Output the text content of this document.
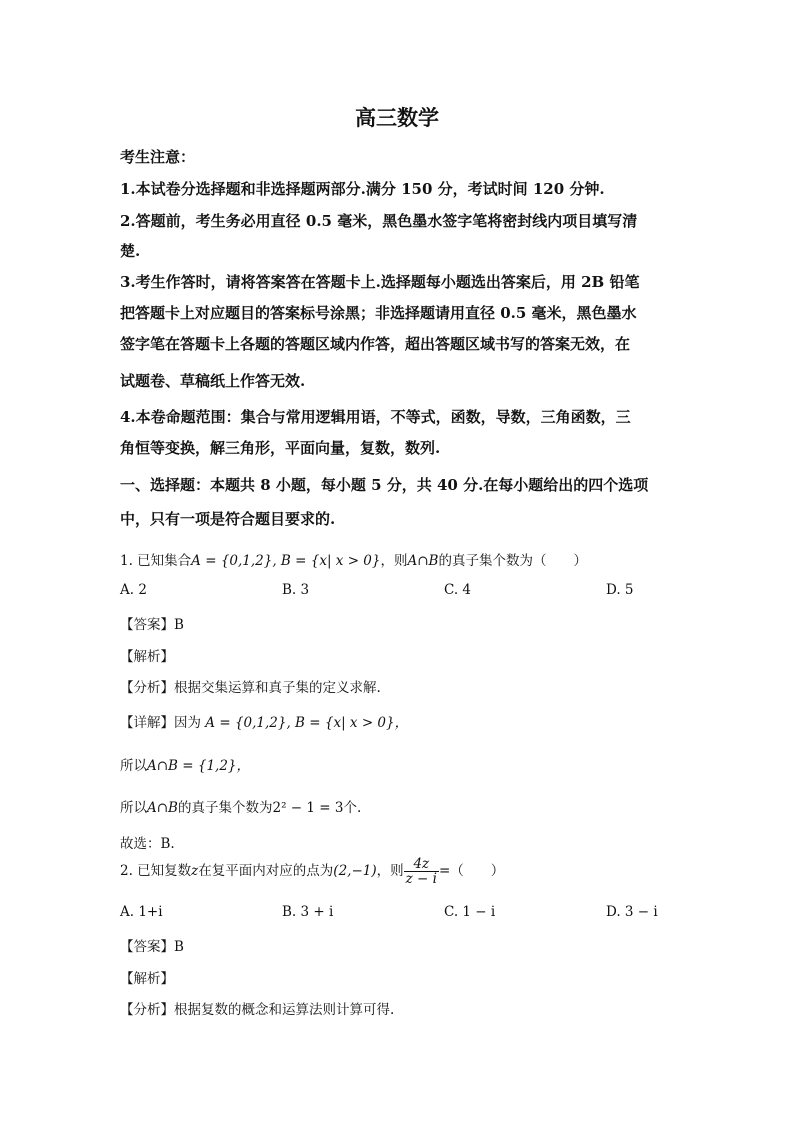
高三数学
考生注意：
1.本试卷分选择题和非选择题两部分.满分 150 分，考试时间 120 分钟.
2.答题前，考生务必用直径 0.5 毫米，黑色墨水签字笔将密封线内项目填写清
楚.
3.考生作答时，请将答案答在答题卡上.选择题每小题选出答案后，用 2B 铅笔
把答题卡上对应题目的答案标号涂黑；非选择题请用直径 0.5 毫米，黑色墨水
签字笔在答题卡上各题的答题区域内作答，超出答题区域书写的答案无效，在
试题卷、草稿纸上作答无效.
4.本卷命题范围：集合与常用逻辑用语，不等式，函数，导数，三角函数，三
角恒等变换，解三角形，平面向量，复数，数列.
一、选择题：本题共 8 小题，每小题 5 分，共 40 分.在每小题给出的四个选项
中，只有一项是符合题目要求的.
1. 已知集合A = {0,1,2}, B = {x| x > 0}，则A∩B的真子集个数为（　　）
A. 2	B. 3	C. 4	D. 5
【答案】B
【解析】
【分析】根据交集运算和真子集的定义求解.
【详解】因为 A = {0,1,2}, B = {x| x > 0}，
所以A∩B = {1,2}，
所以A∩B的真子集个数为2² − 1 = 3个.
故选：B.
2. 已知复数z在复平面内对应的点为(2,−1)，则 $\frac{4z}{z - i}$ =（　　）
A. 1+i	B. 3 + i	C. 1 − i	D. 3 − i
【答案】B
【解析】
【分析】根据复数的概念和运算法则计算可得.
